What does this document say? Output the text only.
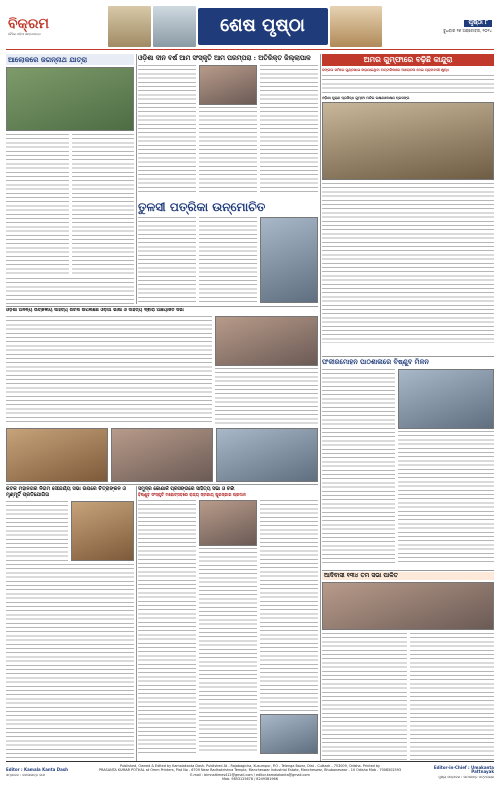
ବିକ୍ରମ
ଦୈନିକ ଓଡ଼ିଆ ସମ୍ବାଦପତ୍ର	ଶେଷ ପୃଷ୍ଠା	ପୃଷ୍ଠା ୮
ବୁଧବାର ୧୬ ଅକ୍ଟୋବର, ୨୦୨୪
ଆଲୋକରେ ଜଗନ୍ନାଥ ଯାତ୍ରା	ଓଡ଼ିଶା ଦୀନ ବର୍ଷ ଆମ ସଂସ୍କୃତି ଆମ ପରମ୍ପରା : ଅତିରିକ୍ତ ଜିଲ୍ଲାପାଳ	ଅମର ଗୁମ୍ଫାରେ ବଢ଼ିଛି କାନ୍ଦୁରା
ଜଙ୍ଗଲ ଜମିରେ ଗୁଣ୍ଡଖାଇ କରାଯାଇଥିବା ଅଟ୍ଟାଳିକାରେ ଆଲୋଚନା ନେଇ ଗ୍ରାମବାସୀ କ୍ଷୁବ୍ଧ
ଓଡ଼ିଶା ପୁରାଣ ପ୍ରସିଦ୍ଧ ଗୁମ୍ଫା ମନ୍ଦିର ରକ୍ଷଣାବେକ୍ଷଣ ପ୍ରସଙ୍ଗ
ତୁଳସୀ ପତ୍ରିକା ଉନ୍ମୋଚିତ
ଓଡ଼ିଶା ଅନନ୍ୟ ଉତ୍କଳୀୟ ସାହିତ୍ୟ ରଚନା ଉପଲକ୍ଷେ ଓଡ଼ିଆ ଭାଷା ଓ ସାହିତ୍ୟ ଦ୍ଵାରା ଆୟୋଜିତ ସଭା
ଫକୀରମୋହନ ପାଠଶାଳାରେ ବିଷ୍ଣୁବ ମିଳନ
କଟକ ମହାନଗର ନିଗମ ସୌନ୍ଦର୍ଯ୍ୟ ସଭା ଉପରେ ଚିତ୍ରାଙ୍କନ ଓ ମୃଣ୍ମୂର୍ତି ପ୍ରତିଯୋଗିତା
ସମୁଦ୍ର କୋଣାର୍କ ପ୍ରସଙ୍ଗରେ ସାହିତ୍ୟ ସଭା ଓ ଚର୍ଚ୍ଚା
ବିଷ୍ଣୁବ ସଂସ୍କୃତି ମହୋତ୍ସବରେ ରାଜ୍ୟ ସ୍ତରୀୟ ପୁରସ୍କାର ପ୍ରଦାନ
ଆଦିବାସୀ ୧୩୪ ତମ ସଭା ପାଳିତ
Editor : Kamala Kanta Dash
ସମ୍ପାଦକ : କମଳାକାନ୍ତ ଦାଶ
Published, Owned & Edited by Kamalakanta Dash. Published At - Rajabagicha, Kusumpur, P.O - Telenga Bazar, Dist - Cuttack - 753009, Odisha. Printed by
PRASANTA KUMAR POTHAL at Omm Printers, Plot No - 6709 Near Radhakrishna Temple, Mancheswar Industrial Estate, Mancheswar, Bhubaneswar - 10 Odisha Mob - 7008502593
E-mail : bimnaltimes412@gmail.com / editor.kamalakanta@gmail.com
Mob. 9853125678 / 8249381966
Editor-in-Chief : Umakanta Pattnayak
ମୁଖ୍ୟ ସମ୍ପାଦକ : ଉମାକାନ୍ତ ପଟ୍ଟନାୟକ
